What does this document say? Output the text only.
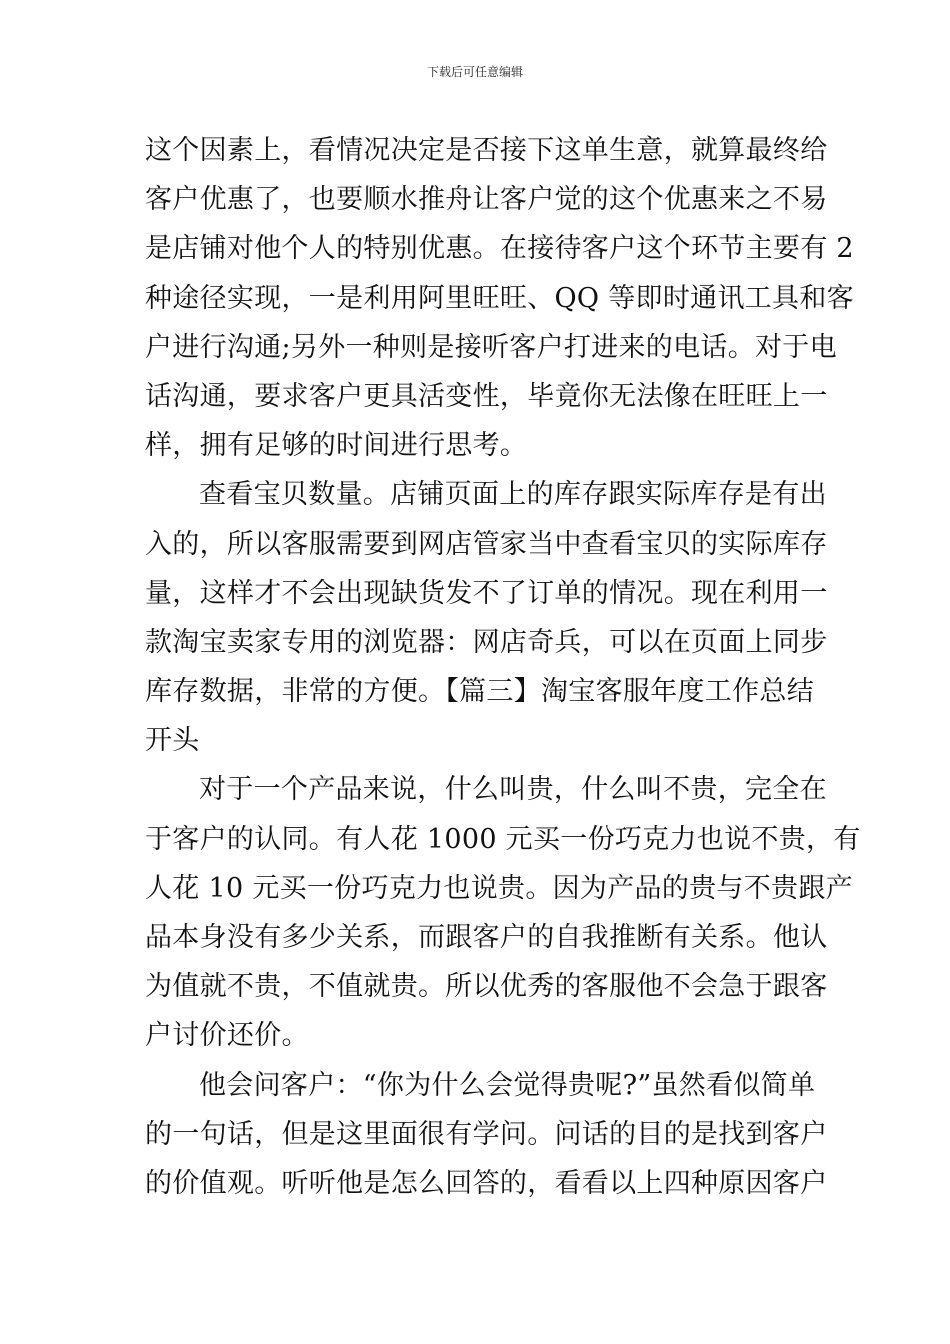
下载后可任意编辑
这个因素上，看情况决定是否接下这单生意，就算最终给
客户优惠了，也要顺水推舟让客户觉的这个优惠来之不易
是店铺对他个人的特别优惠。在接待客户这个环节主要有 2
种途径实现，一是利用阿里旺旺、QQ 等即时通讯工具和客
户进行沟通;另外一种则是接听客户打进来的电话。对于电
话沟通，要求客户更具活变性，毕竟你无法像在旺旺上一
样，拥有足够的时间进行思考。
查看宝贝数量。店铺页面上的库存跟实际库存是有出
入的，所以客服需要到网店管家当中查看宝贝的实际库存
量，这样才不会出现缺货发不了订单的情况。现在利用一
款淘宝卖家专用的浏览器：网店奇兵，可以在页面上同步
库存数据，非常的方便。【篇三】淘宝客服年度工作总结
开头
对于一个产品来说，什么叫贵，什么叫不贵，完全在
于客户的认同。有人花 1000 元买一份巧克力也说不贵，有
人花 10 元买一份巧克力也说贵。因为产品的贵与不贵跟产
品本身没有多少关系，而跟客户的自我推断有关系。他认
为值就不贵，不值就贵。所以优秀的客服他不会急于跟客
户讨价还价。
他会问客户：“你为什么会觉得贵呢?”虽然看似简单
的一句话，但是这里面很有学问。问话的目的是找到客户
的价值观。听听他是怎么回答的，看看以上四种原因客户
